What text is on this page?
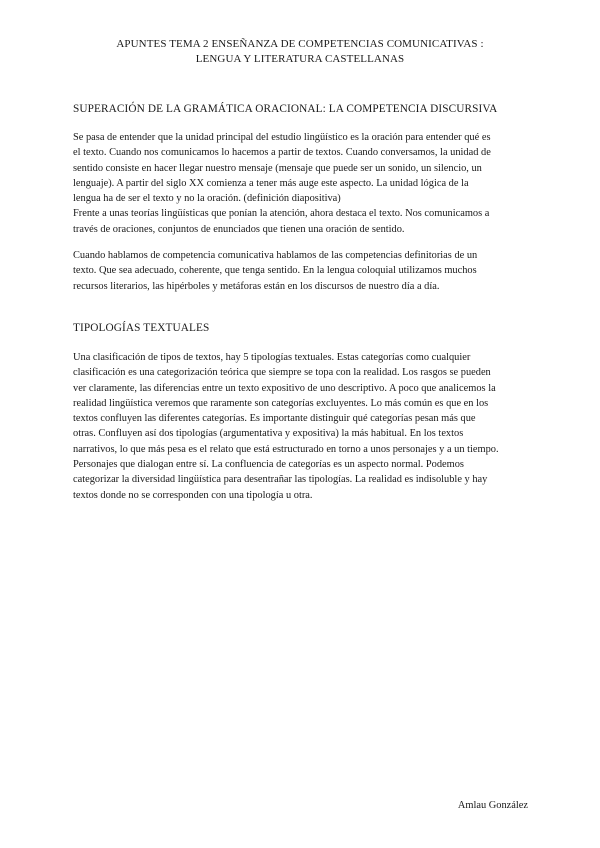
APUNTES TEMA 2 ENSEÑANZA DE COMPETENCIAS COMUNICATIVAS :
LENGUA Y LITERATURA CASTELLANAS
SUPERACIÓN DE LA GRAMÁTICA ORACIONAL: LA COMPETENCIA DISCURSIVA
Se pasa de entender que la unidad principal del estudio lingüístico es la oración para entender qué es
el texto. Cuando nos comunicamos lo hacemos a partir de textos. Cuando conversamos, la unidad de
sentido consiste en hacer llegar nuestro mensaje (mensaje que puede ser un sonido, un silencio, un
lenguaje). A partir del siglo XX comienza a tener más auge este aspecto. La unidad lógica de la
lengua ha de ser el texto y no la oración. (definición diapositiva)
Frente a unas teorías lingüísticas que ponían la atención, ahora destaca el texto. Nos comunicamos a
través de oraciones, conjuntos de enunciados que tienen una oración de sentido.
Cuando hablamos de competencia comunicativa hablamos de las competencias definitorias de un
texto. Que sea adecuado, coherente, que tenga sentido. En la lengua coloquial utilizamos muchos
recursos literarios, las hipérboles y metáforas están en los discursos de nuestro día a día.
TIPOLOGÍAS TEXTUALES
Una clasificación de tipos de textos, hay 5 tipologías textuales. Estas categorías como cualquier
clasificación es una categorización teórica que siempre se topa con la realidad. Los rasgos se pueden
ver claramente, las diferencias entre un texto expositivo de uno descriptivo. A poco que analicemos la
realidad lingüística veremos que raramente son categorías excluyentes. Lo más común es que en los
textos confluyen las diferentes categorías. Es importante distinguir qué categorías pesan más que
otras. Confluyen así dos tipologías (argumentativa y expositiva) la más habitual. En los textos
narrativos, lo que más pesa es el relato que está estructurado en torno a unos personajes y a un tiempo.
Personajes que dialogan entre sí. La confluencia de categorías es un aspecto normal. Podemos
categorizar la diversidad lingüística para desentrañar las tipologías. La realidad es indisoluble y hay
textos donde no se corresponden con una tipología u otra.
Amlau González
